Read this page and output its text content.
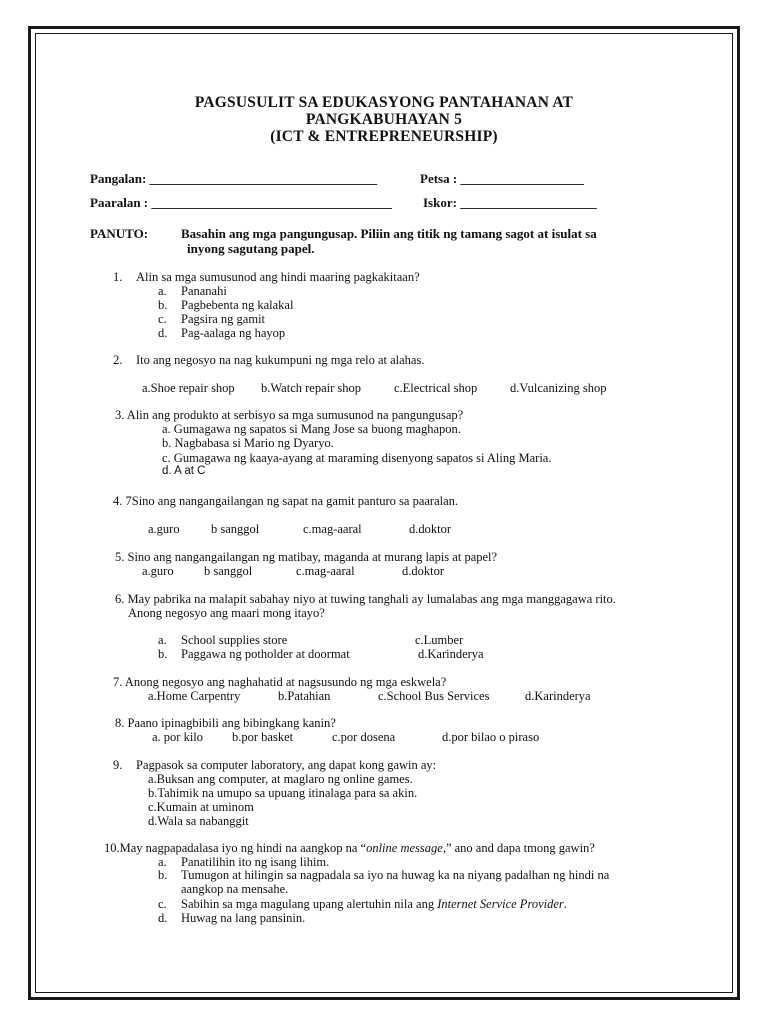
PAGSUSULIT SA EDUKASYONG PANTAHANAN AT
PANGKABUHAYAN 5
(ICT & ENTREPRENEURSHIP)
Pangalan: ___________________________________	Petsa : ___________________
Paaralan : _____________________________________ Iskor: _____________________
PANUTO:	Basahin ang mga pangungusap. Piliin ang titik ng tamang sagot at isulat sa
inyong sagutang papel.
1. Alin sa mga sumusunod ang hindi maaring pagkakitaan?
a. Pananahi
b. Pagbebenta ng kalakal
c. Pagsira ng gamit
d. Pag-aalaga ng hayop
2. Ito ang negosyo na nag kukumpuni ng mga relo at alahas.
a.Shoe repair shop b.Watch repair shop	c.Electrical shop	d.Vulcanizing shop
3. Alin ang produkto at serbisyo sa mga sumusunod na pangungusap?
a. Gumagawa ng sapatos si Mang Jose sa buong maghapon.
b. Nagbabasa si Mario ng Dyaryo.
c. Gumagawa ng kaaya-ayang at maraming disenyong sapatos si Aling Maria.
d. A at C
4. 7Sino ang nangangailangan ng sapat na gamit panturo sa paaralan.
a.guro	b sanggol	c.mag-aaral	d.doktor
5. Sino ang nangangailangan ng matibay, maganda at murang lapis at papel?
a.guro b sanggol	c.mag-aaral	d.doktor
6. May pabrika na malapit sabahay niyo at tuwing tanghali ay lumalabas ang mga manggagawa rito.
Anong negosyo ang maari mong itayo?
a. School supplies store
b. Paggawa ng potholder at doormat
c.Lumber
d.Karinderya
7. Anong negosyo ang naghahatid at nagsusundo ng mga eskwela?
a.Home Carpentry	b.Patahian	c.School Bus Services	d.Karinderya
8. Paano ipinagbibili ang bibingkang kanin?
a. por kilo b.por basket	c.por dosena	d.por bilao o piraso
9. Pagpasok sa computer laboratory, ang dapat kong gawin ay:
a.Buksan ang computer, at maglaro ng online games.
b.Tahimik na umupo sa upuang itinalaga para sa akin.
c.Kumain at uminom
d.Wala sa nabanggit
10.May nagpapadalasa iyo ng hindi na aangkop na “online message,” ano and dapa tmong gawin?
a. Panatilihin ito ng isang lihim.
b. Tumugon at hilingin sa nagpadala sa iyo na huwag ka na niyang padalhan ng hindi na
aangkop na mensahe.
c. Sabihin sa mga magulang upang alertuhin nila ang Internet Service Provider.
d. Huwag na lang pansinin.
